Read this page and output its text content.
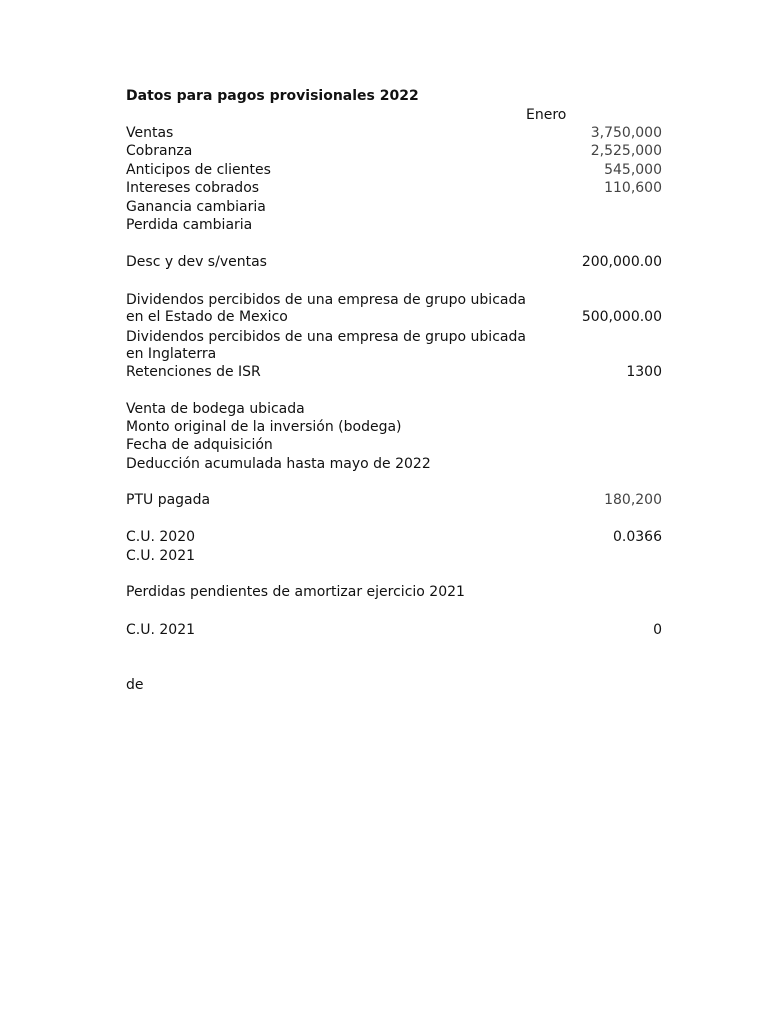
Datos para pagos provisionales 2022
Enero
Ventas	3,750,000
Cobranza	2,525,000
Anticipos de clientes	545,000
Intereses cobrados	110,600
Ganancia cambiaria
Perdida cambiaria
Desc y dev s/ventas	200,000.00
Dividendos percibidos de una empresa de grupo ubicada
en el Estado de Mexico	500,000.00
Dividendos percibidos de una empresa de grupo ubicada
en Inglaterra
Retenciones de ISR	1300
Venta de bodega ubicada
Monto original de la inversión (bodega)
Fecha de adquisición
Deducción acumulada hasta mayo de 2022
PTU pagada	180,200
C.U. 2020	0.0366
C.U. 2021
Perdidas pendientes de amortizar ejercicio 2021
C.U. 2021	0
de
